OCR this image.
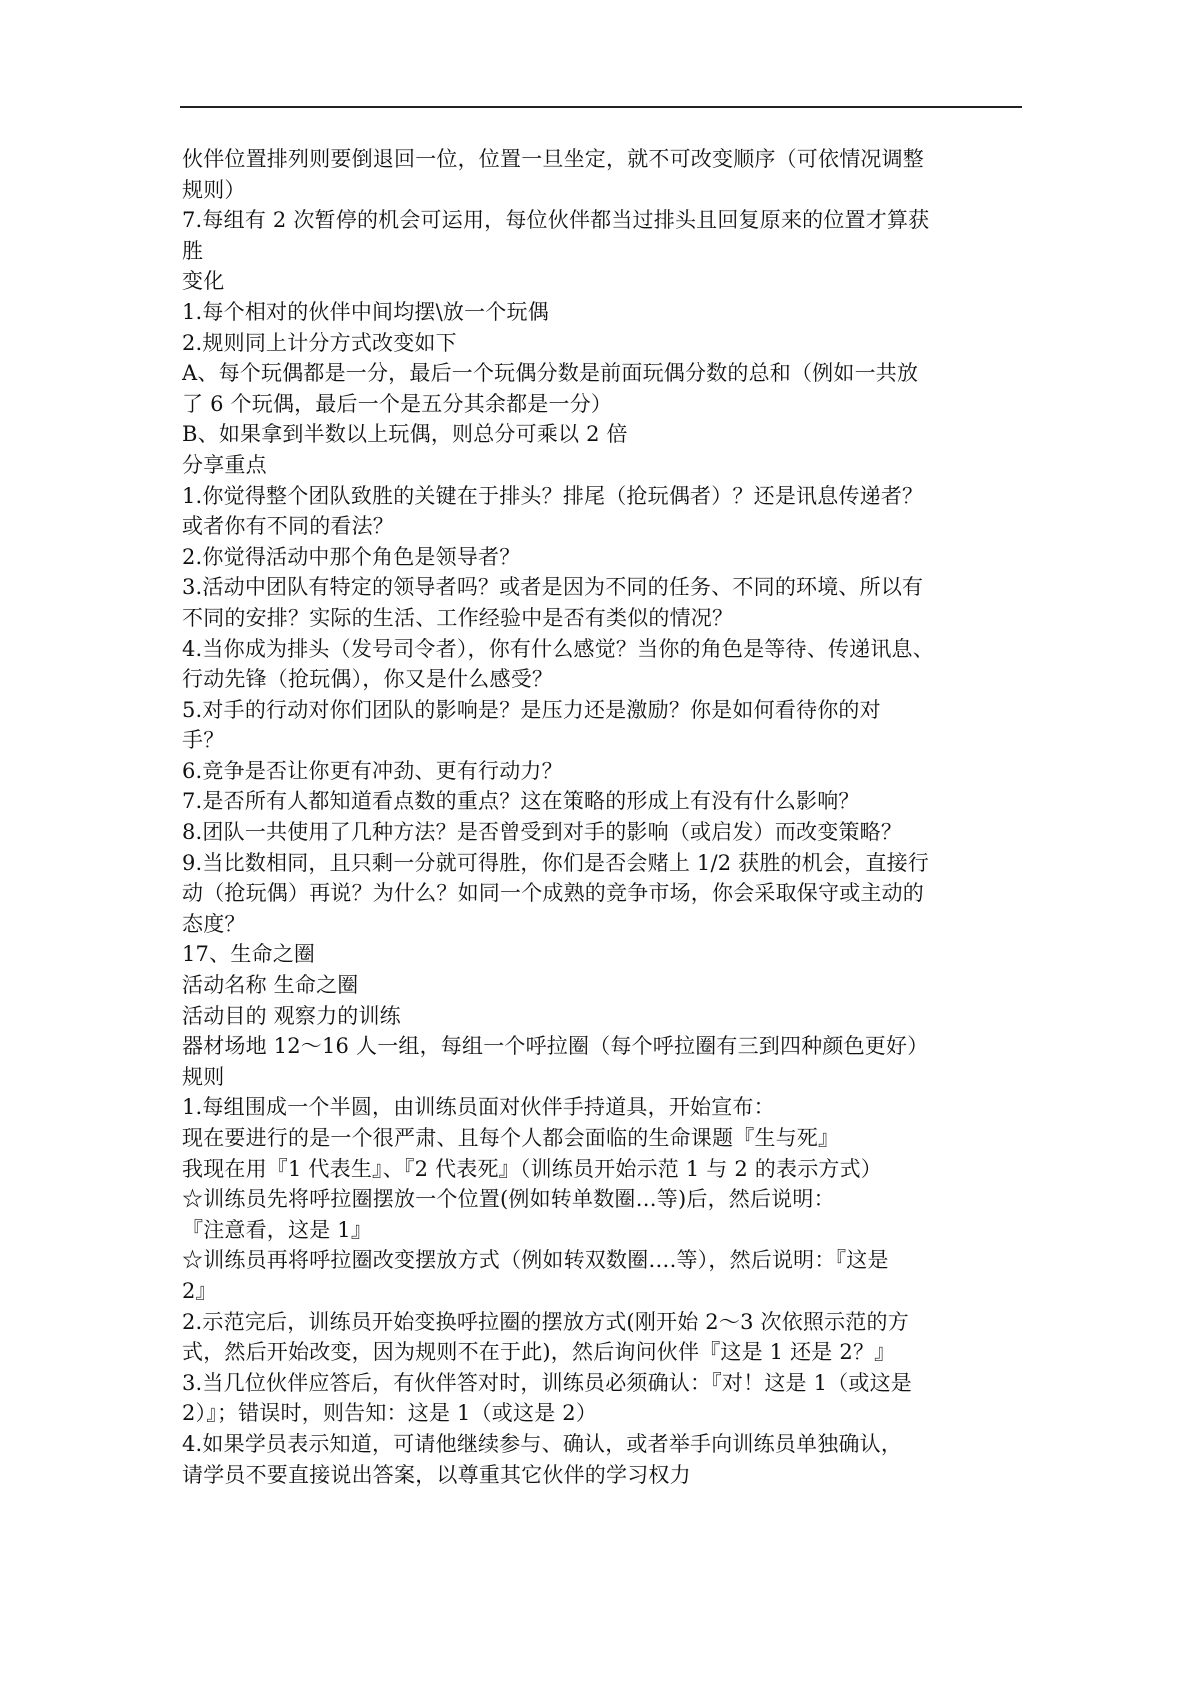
伙伴位置排列则要倒退回一位，位置一旦坐定，就不可改变顺序（可依情况调整

规则）

7.每组有 2 次暂停的机会可运用，每位伙伴都当过排头且回复原来的位置才算获

胜

变化

1.每个相对的伙伴中间均摆\放一个玩偶

2.规则同上计分方式改变如下

A、每个玩偶都是一分，最后一个玩偶分数是前面玩偶分数的总和（例如一共放

了 6 个玩偶，最后一个是五分其余都是一分）

B、如果拿到半数以上玩偶，则总分可乘以 2 倍

分享重点

1.你觉得整个团队致胜的关键在于排头？排尾（抢玩偶者）？还是讯息传递者？

或者你有不同的看法？

2.你觉得活动中那个角色是领导者？

3.活动中团队有特定的领导者吗？或者是因为不同的任务、不同的环境、所以有

不同的安排？实际的生活、工作经验中是否有类似的情况？

4.当你成为排头（发号司令者），你有什么感觉？当你的角色是等待、传递讯息、

行动先锋（抢玩偶），你又是什么感受？

5.对手的行动对你们团队的影响是？是压力还是激励？你是如何看待你的对

手？

6.竞争是否让你更有冲劲、更有行动力？

7.是否所有人都知道看点数的重点？这在策略的形成上有没有什么影响？

8.团队一共使用了几种方法？是否曾受到对手的影响（或启发）而改变策略？

9.当比数相同，且只剩一分就可得胜，你们是否会赌上 1/2 获胜的机会，直接行

动（抢玩偶）再说？为什么？如同一个成熟的竞争市场，你会采取保守或主动的

态度？

17、生命之圈

活动名称 生命之圈

活动目的 观察力的训练

器材场地 12～16 人一组，每组一个呼拉圈（每个呼拉圈有三到四种颜色更好）

规则

1.每组围成一个半圆，由训练员面对伙伴手持道具，开始宣布：

现在要进行的是一个很严肃、且每个人都会面临的生命课题『生与死』

我现在用『1 代表生』、『2 代表死』（训练员开始示范 1 与 2 的表示方式）

☆训练员先将呼拉圈摆放一个位置(例如转单数圈…等)后，然后说明：

『注意看，这是 1』

☆训练员再将呼拉圈改变摆放方式（例如转双数圈….等），然后说明：『这是

2』

2.示范完后，训练员开始变换呼拉圈的摆放方式(刚开始 2～3 次依照示范的方

式，然后开始改变，因为规则不在于此)，然后询问伙伴『这是 1 还是 2？』

3.当几位伙伴应答后，有伙伴答对时，训练员必须确认：『对！这是 1（或这是

2）』；错误时，则告知：这是 1（或这是 2）

4.如果学员表示知道，可请他继续参与、确认，或者举手向训练员单独确认，

请学员不要直接说出答案，以尊重其它伙伴的学习权力
